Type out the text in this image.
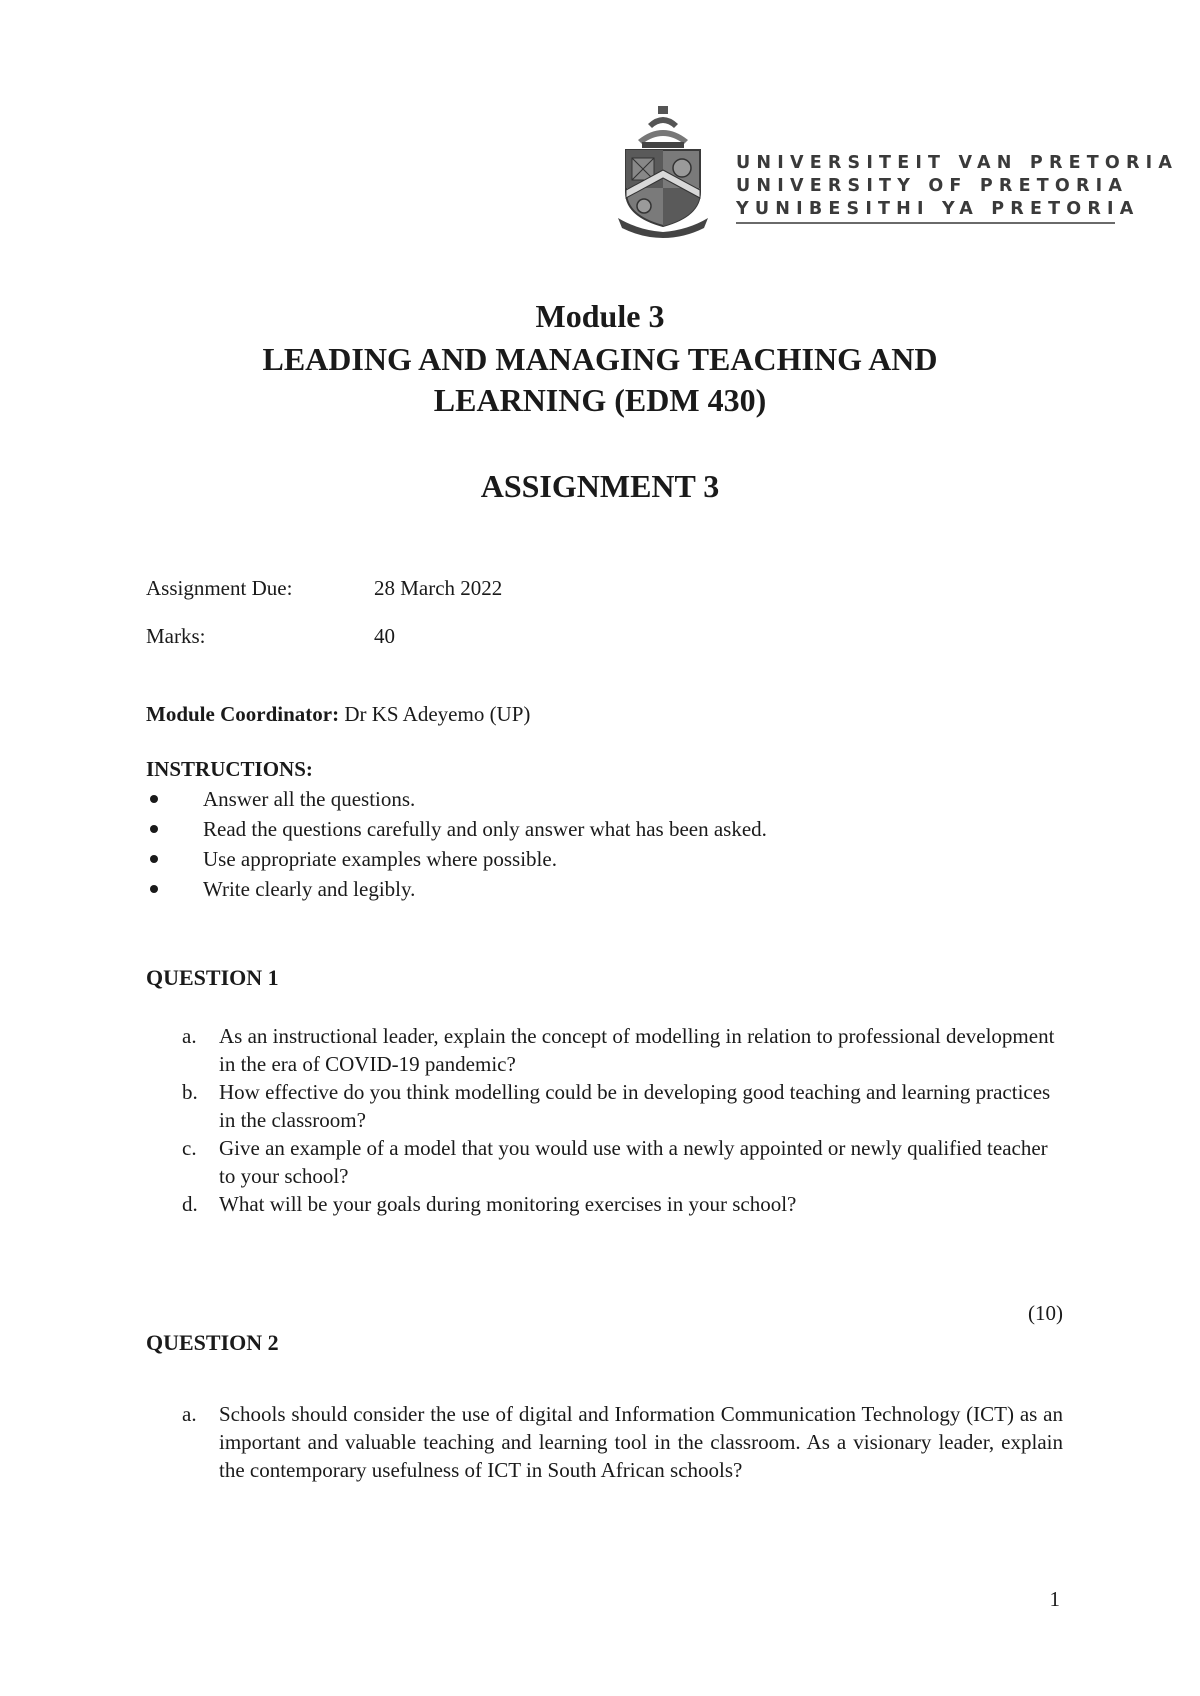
UNIVERSITEIT VAN PRETORIA
UNIVERSITY OF PRETORIA
YUNIBESITHI YA PRETORIA
Module 3
LEADING AND MANAGING TEACHING AND
LEARNING (EDM 430)
ASSIGNMENT 3
Assignment Due:	28 March 2022
Marks:	40
Module Coordinator: Dr KS Adeyemo (UP)
INSTRUCTIONS:
Answer all the questions.
Read the questions carefully and only answer what has been asked.
Use appropriate examples where possible.
Write clearly and legibly.
QUESTION 1
a. As an instructional leader, explain the concept of modelling in relation to professional development in the era of COVID-19 pandemic?
b. How effective do you think modelling could be in developing good teaching and learning practices in the classroom?
c. Give an example of a model that you would use with a newly appointed or newly qualified teacher to your school?
d. What will be your goals during monitoring exercises in your school?
(10)
QUESTION 2
a. Schools should consider the use of digital and Information Communication Technology (ICT) as an important and valuable teaching and learning tool in the classroom. As a visionary leader, explain the contemporary usefulness of ICT in South African schools?
1
